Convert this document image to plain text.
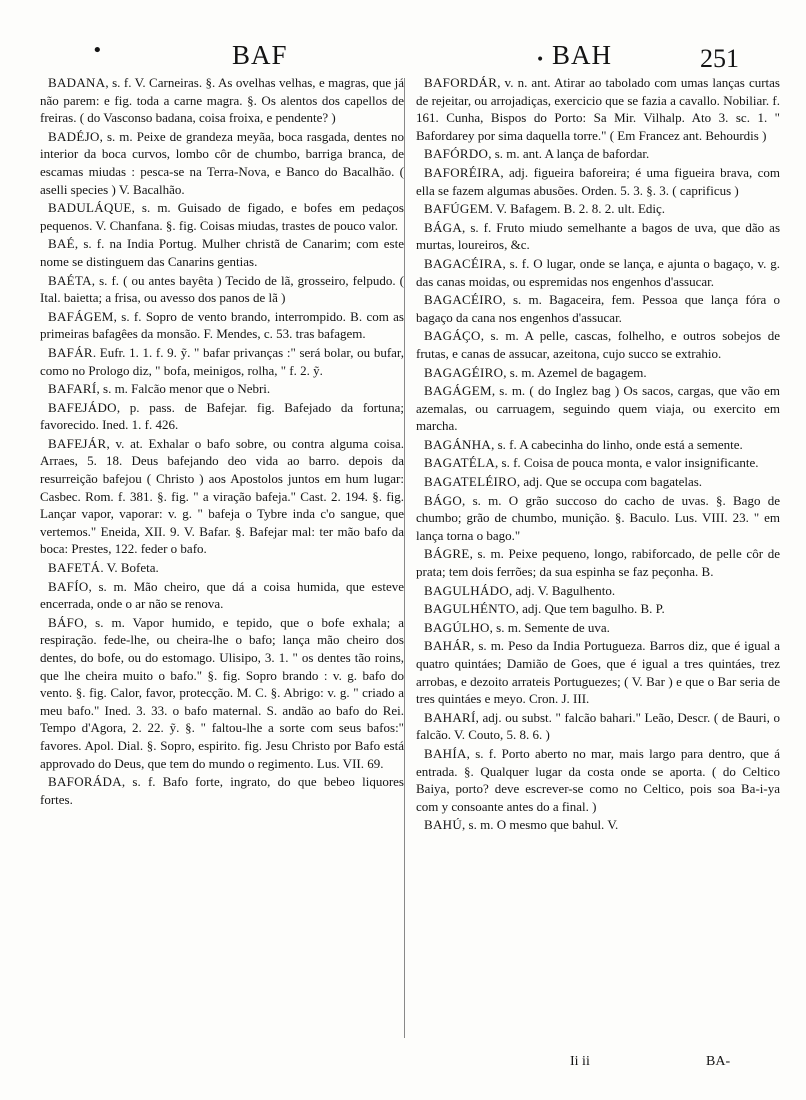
•	BAF	• BAH	251

BADANA, s. f. V. Carneiras. §. As ovelhas velhas, e magras, que já não parem: e fig. toda a carne magra. §. Os alentos dos capellos de freiras. ( do Vasconso badana, coisa froixa, e pendente? )

BADÉJO, s. m. Peixe de grandeza meyãa, boca rasgada, dentes no interior da boca curvos, lombo côr de chumbo, barriga branca, de escamas miudas : pesca-se na Terra-Nova, e Banco do Bacalhão. ( aselli species ) V. Bacalhão.

BADULÁQUE, s. m. Guisado de figado, e bofes em pedaços pequenos. V. Chanfana. §. fig. Coisas miudas, trastes de pouco valor.

BAÉ, s. f. na India Portug. Mulher christã de Canarim; com este nome se distinguem das Canarins gentias.

BAÉTA, s. f. ( ou antes bayêta ) Tecido de lã, grosseiro, felpudo. ( Ital. baietta; a frisa, ou avesso dos panos de lã )

BAFÁGEM, s. f. Sopro de vento brando, interrompido. B. com as primeiras bafagêes da monsão. F. Mendes, c. 53. tras bafagem.

BAFÁR. Eufr. 1. 1. f. 9. ỹ. " bafar privanças :" será bolar, ou bufar, como no Prologo diz, " bofa, meinigos, rolha, " f. 2. ỹ.

BAFARÍ, s. m. Falcão menor que o Nebri.

BAFEJÁDO, p. pass. de Bafejar. fig. Bafejado da fortuna; favorecido. Ined. 1. f. 426.

BAFEJÁR, v. at. Exhalar o bafo sobre, ou contra alguma coisa. Arraes, 5. 18. Deus bafejando deo vida ao barro. depois da resurreição bafejou ( Christo ) aos Apostolos juntos em hum lugar: Casbec. Rom. f. 381. §. fig. " a viração bafeja." Cast. 2. 194. §. fig. Lançar vapor, vaporar: v. g. " bafeja o Tybre inda c'o sangue, que vertemos." Eneida, XII. 9. V. Bafar. §. Bafejar mal: ter mão bafo da boca: Prestes, 122. feder o bafo.

BAFETÁ. V. Bofeta.

BAFÍO, s. m. Mão cheiro, que dá a coisa humida, que esteve encerrada, onde o ar não se renova.

BÁFO, s. m. Vapor humido, e tepido, que o bofe exhala; a respiração. fede-lhe, ou cheira-lhe o bafo; lança mão cheiro dos dentes, do bofe, ou do estomago. Ulisipo, 3. 1. " os dentes tão roins, que lhe cheira muito o bafo." §. fig. Sopro brando : v. g. bafo do vento. §. fig. Calor, favor, protecção. M. C. §. Abrigo: v. g. " criado a meu bafo." Ined. 3. 33. o bafo maternal. S. andão ao bafo do Rei. Tempo d'Agora, 2. 22. ỹ. §. " faltou-lhe a sorte com seus bafos:" favores. Apol. Dial. §. Sopro, espirito. fig. Jesu Christo por Bafo está approvado do Deus, que tem do mundo o regimento. Lus. VII. 69.

BAFORÁDA, s. f. Bafo forte, ingrato, do que bebeo liquores fortes.

BAFORDÁR, v. n. ant. Atirar ao tabolado com umas lanças curtas de rejeitar, ou arrojadiças, exercicio que se fazia a cavallo. Nobiliar. f. 161. Cunha, Bispos do Porto: Sa Mir. Vilhalp. Ato 3. sc. 1. " Bafordarey por sima daquella torre." ( Em Francez ant. Behourdis )

BAFÓRDO, s. m. ant. A lança de bafordar.

BAFORÉIRA, adj. figueira baforeira; é uma figueira brava, com ella se fazem algumas abusões. Orden. 5. 3. §. 3. ( caprificus )

BAFÚGEM. V. Bafagem. B. 2. 8. 2. ult. Ediç.

BÁGA, s. f. Fruto miudo semelhante a bagos de uva, que dão as murtas, loureiros, &c.

BAGACÉIRA, s. f. O lugar, onde se lança, e ajunta o bagaço, v. g. das canas moidas, ou espremidas nos engenhos d'assucar.

BAGACÉIRO, s. m. Bagaceira, fem. Pessoa que lança fóra o bagaço da cana nos engenhos d'assucar.

BAGÁÇO, s. m. A pelle, cascas, folhelho, e outros sobejos de frutas, e canas de assucar, azeitona, cujo succo se extrahio.

BAGAGÉIRO, s. m. Azemel de bagagem.

BAGÁGEM, s. m. ( do Inglez bag ) Os sacos, cargas, que vão em azemalas, ou carruagem, seguindo quem viaja, ou exercito em marcha.

BAGÁNHA, s. f. A cabecinha do linho, onde está a semente.

BAGATÉLA, s. f. Coisa de pouca monta, e valor insignificante.

BAGATELÉIRO, adj. Que se occupa com bagatelas.

BÁGO, s. m. O grão succoso do cacho de uvas. §. Bago de chumbo; grão de chumbo, munição. §. Baculo. Lus. VIII. 23. " em lança torna o bago."

BÁGRE, s. m. Peixe pequeno, longo, rabiforcado, de pelle côr de prata; tem dois ferrões; da sua espinha se faz peçonha. B.

BAGULHÁDO, adj. V. Bagulhento.

BAGULHÉNTO, adj. Que tem bagulho. B. P.

BAGÚLHO, s. m. Semente de uva.

BAHÁR, s. m. Peso da India Portugueza. Barros diz, que é igual a quatro quintáes; Damião de Goes, que é igual a tres quintáes, trez arrobas, e dezoito arrateis Portuguezes; ( V. Bar ) e que o Bar seria de tres quintáes e meyo. Cron. J. III.

BAHARÍ, adj. ou subst. " falcão bahari." Leão, Descr. ( de Bauri, o falcão. V. Couto, 5. 8. 6. )

BAHÍA, s. f. Porto aberto no mar, mais largo para dentro, que á entrada. §. Qualquer lugar da costa onde se aporta. ( do Celtico Baiya, porto? deve escrever-se como no Celtico, pois soa Ba-i-ya com y consoante antes do a final. )

BAHÚ, s. m. O mesmo que bahul. V.

Ii ii	BA-
